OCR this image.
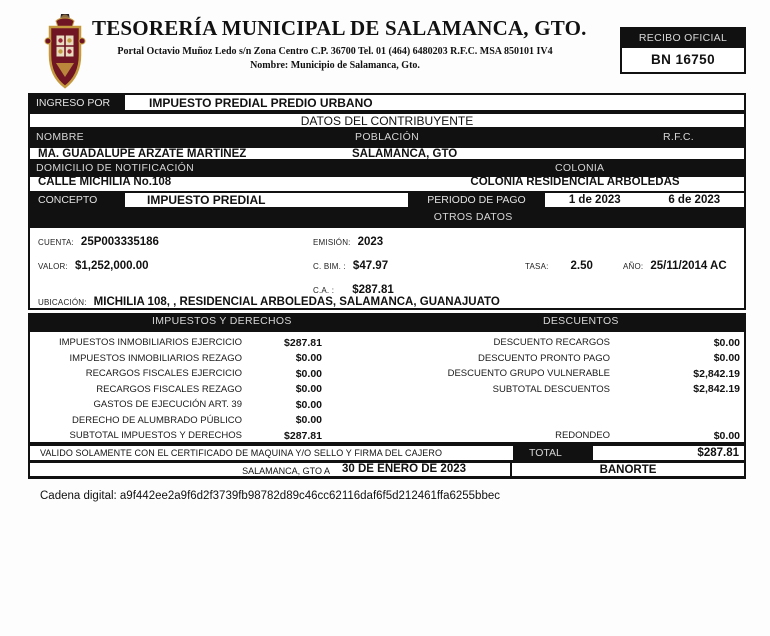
TESORERÍA MUNICIPAL DE SALAMANCA, GTO.
Portal Octavio Muñoz Ledo s/n Zona Centro C.P. 36700 Tel. 01 (464) 6480203 R.F.C. MSA 850101 IV4
Nombre: Municipio de Salamanca, Gto.
RECIBO OFICIAL
BN 16750
INGRESO POR	IMPUESTO PREDIAL PREDIO URBANO
DATOS DEL CONTRIBUYENTE
NOMBRE	POBLACIÓN	R.F.C.
MA. GUADALUPE ARZATE MARTINEZ	SALAMANCA, GTO
DOMICILIO DE NOTIFICACIÓN	COLONIA
CALLE MICHILIA No.108	COLONIA RESIDENCIAL ARBOLEDAS
CONCEPTO	IMPUESTO PREDIAL	PERIODO DE PAGO	1 de 2023	6 de 2023
OTROS DATOS
CUENTA: 25P003335186	EMISIÓN: 2023
VALOR: $1,252,000.00	C. BIM. : $47.97	TASA: 2.50	AÑO: 25/11/2014 AC
C.A. : $287.81
UBICACIÓN: MICHILIA 108, , RESIDENCIAL ARBOLEDAS, SALAMANCA, GUANAJUATO
IMPUESTOS Y DERECHOS	DESCUENTOS
IMPUESTOS INMOBILIARIOS EJERCICIO	$287.81
IMPUESTOS INMOBILIARIOS REZAGO	$0.00
RECARGOS FISCALES EJERCICIO	$0.00
RECARGOS FISCALES REZAGO	$0.00
GASTOS DE EJECUCIÓN ART. 39	$0.00
DERECHO DE ALUMBRADO PÚBLICO	$0.00
SUBTOTAL IMPUESTOS Y DERECHOS	$287.81
DESCUENTO RECARGOS	$0.00
DESCUENTO PRONTO PAGO	$0.00
DESCUENTO GRUPO VULNERABLE	$2,842.19
SUBTOTAL DESCUENTOS	$2,842.19
REDONDEO	$0.00
VALIDO SOLAMENTE CON EL CERTIFICADO DE MAQUINA Y/O SELLO Y FIRMA DEL CAJERO	TOTAL	$287.81
SALAMANCA, GTO A 30 DE ENERO DE 2023	BANORTE
Cadena digital: a9f442ee2a9f6d2f3739fb98782d89c46cc62116daf6f5d212461ffa6255bbec
